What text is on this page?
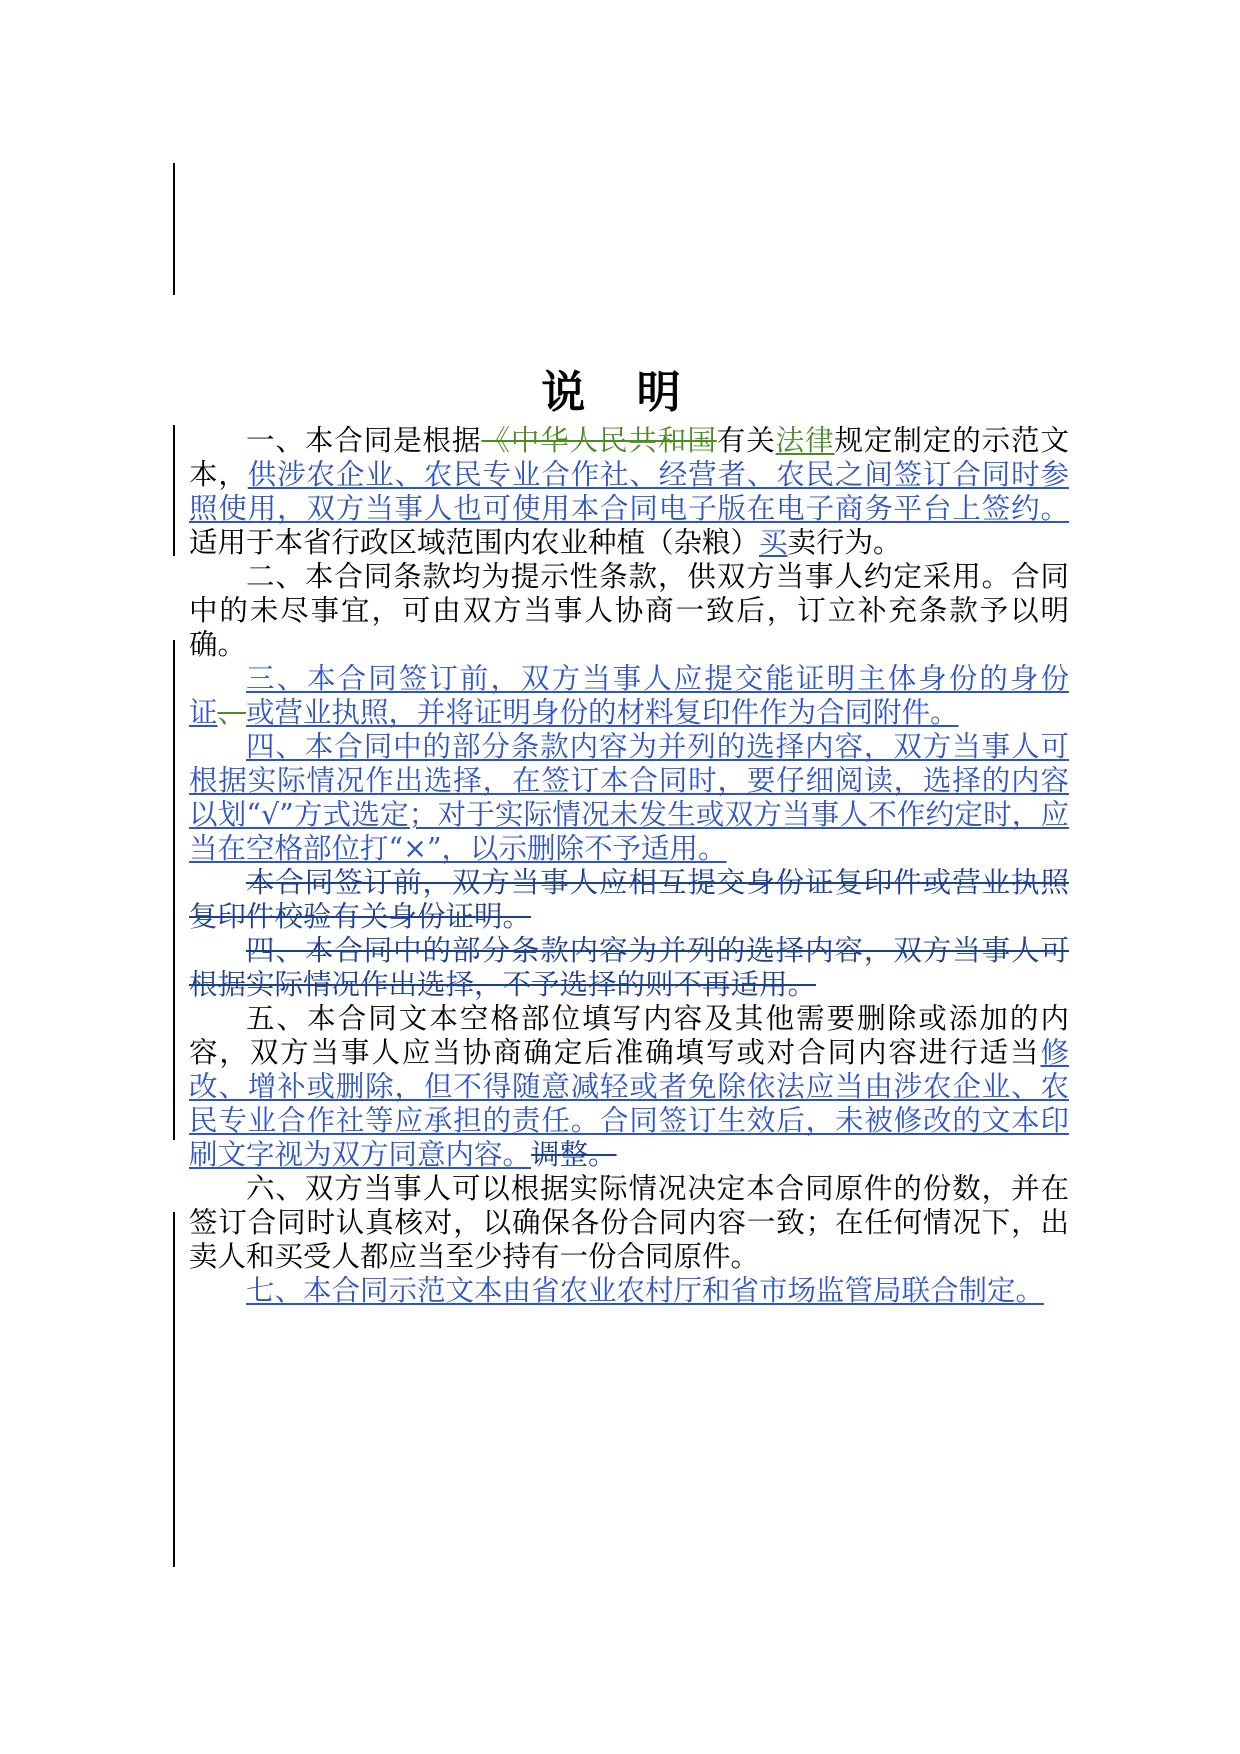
说 明

一、本合同是根据《中华人民共和国有关法律规定制定的示范文本，供涉农企业、农民专业合作社、经营者、农民之间签订合同时参照使用，双方当事人也可使用本合同电子版在电子商务平台上签约。适用于本省行政区域范围内农业种植（杂粮）买卖行为。

二、本合同条款均为提示性条款，供双方当事人约定采用。合同中的未尽事宜，可由双方当事人协商一致后，订立补充条款予以明确。

三、本合同签订前，双方当事人应提交能证明主体身份的身份证、或营业执照，并将证明身份的材料复印件作为合同附件。

四、本合同中的部分条款内容为并列的选择内容，双方当事人可根据实际情况作出选择，在签订本合同时，要仔细阅读，选择的内容以划“√”方式选定；对于实际情况未发生或双方当事人不作约定时，应当在空格部位打“×”，以示删除不予适用。

本合同签订前，双方当事人应相互提交身份证复印件或营业执照复印件校验有关身份证明。

四、本合同中的部分条款内容为并列的选择内容，双方当事人可根据实际情况作出选择，不予选择的则不再适用。

五、本合同文本空格部位填写内容及其他需要删除或添加的内容，双方当事人应当协商确定后准确填写或对合同内容进行适当修改、增补或删除，但不得随意减轻或者免除依法应当由涉农企业、农民专业合作社等应承担的责任。合同签订生效后，未被修改的文本印刷文字视为双方同意内容。调整。

六、双方当事人可以根据实际情况决定本合同原件的份数，并在签订合同时认真核对，以确保各份合同内容一致；在任何情况下，出卖人和买受人都应当至少持有一份合同原件。

七、本合同示范文本由省农业农村厅和省市场监管局联合制定。
